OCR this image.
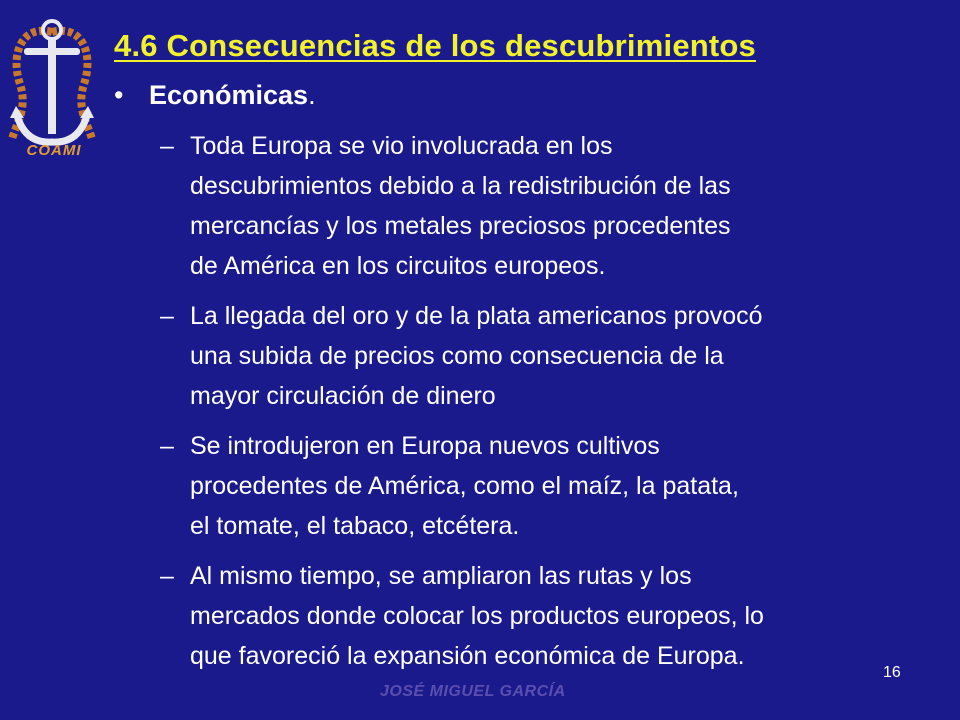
COAMI
4.6 Consecuencias de los descubrimientos
• Económicas.
– Toda Europa se vio involucrada en los
descubrimientos debido a la redistribución de las
mercancías y los metales preciosos procedentes
de América en los circuitos europeos.
– La llegada del oro y de la plata americanos provocó
una subida de precios como consecuencia de la
mayor circulación de dinero
– Se introdujeron en Europa nuevos cultivos
procedentes de América, como el maíz, la patata,
el tomate, el tabaco, etcétera.
– Al mismo tiempo, se ampliaron las rutas y los
mercados donde colocar los productos europeos, lo
que favoreció la expansión económica de Europa.
16
JOSÉ MIGUEL GARCÍA
